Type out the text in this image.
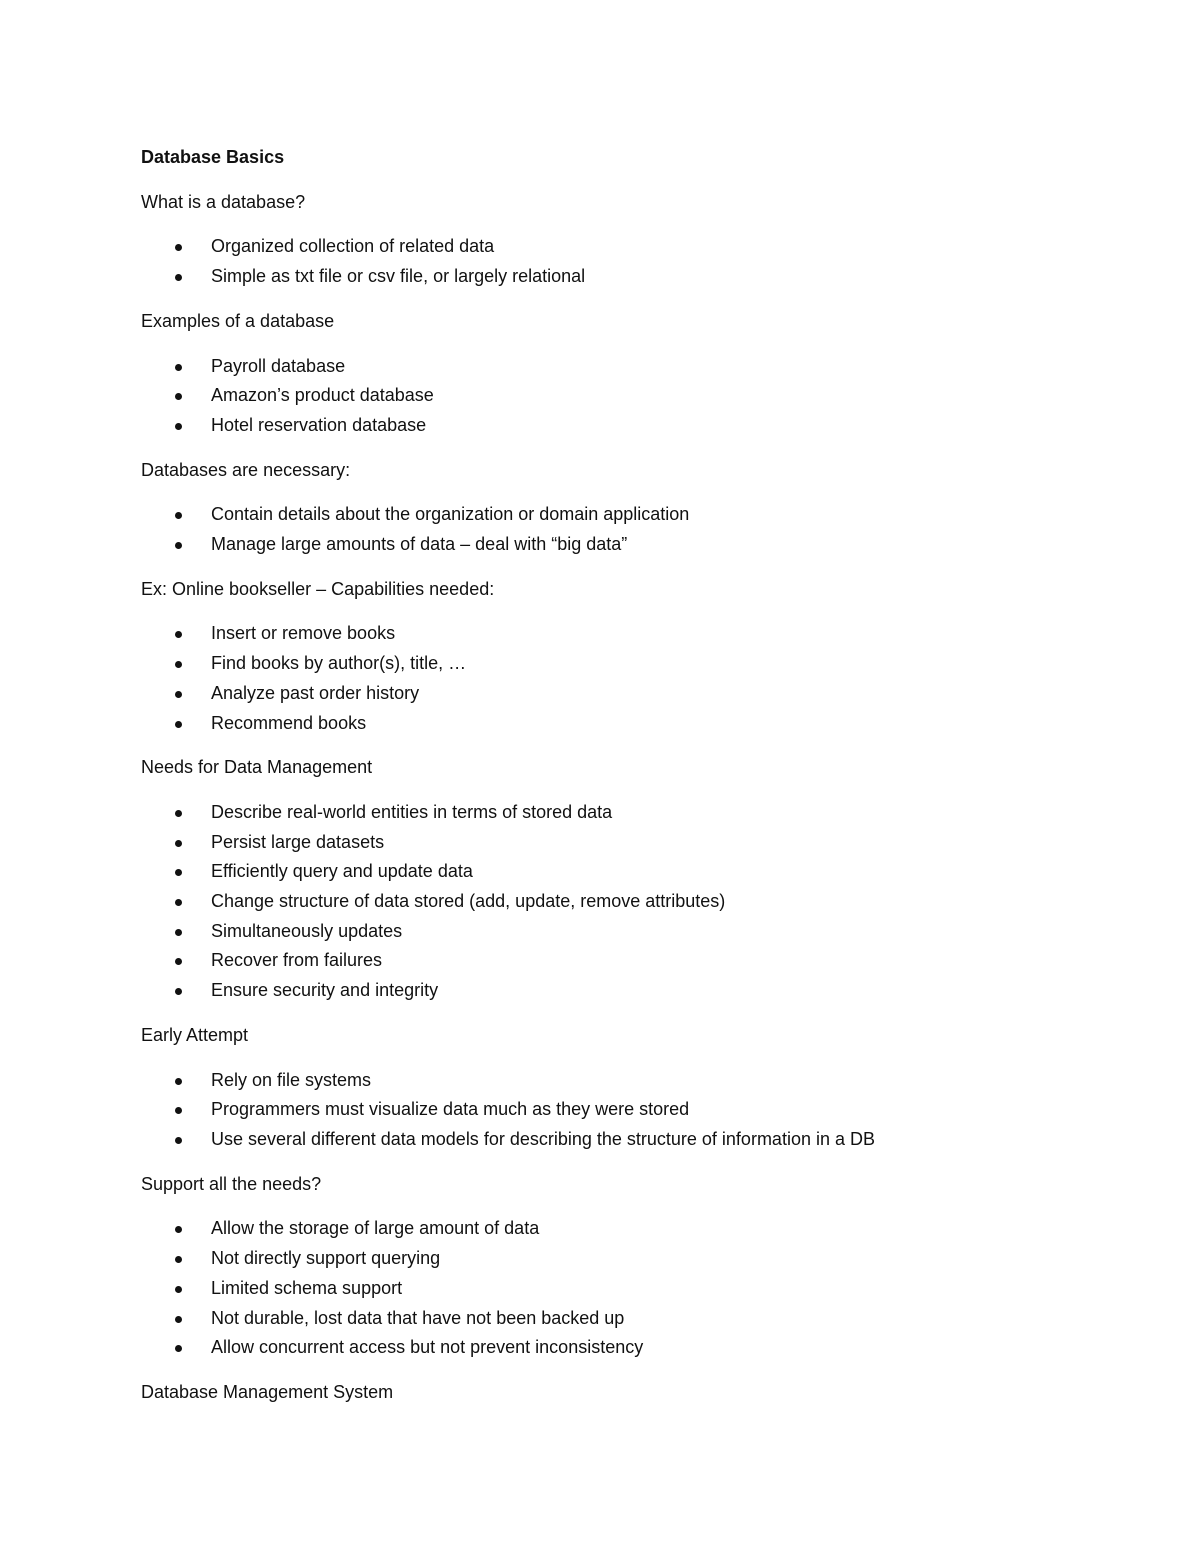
Database Basics
What is a database?
Organized collection of related data
Simple as txt file or csv file, or largely relational
Examples of a database
Payroll database
Amazon’s product database
Hotel reservation database
Databases are necessary:
Contain details about the organization or domain application
Manage large amounts of data – deal with “big data”
Ex: Online bookseller – Capabilities needed:
Insert or remove books
Find books by author(s), title, …
Analyze past order history
Recommend books
Needs for Data Management
Describe real-world entities in terms of stored data
Persist large datasets
Efficiently query and update data
Change structure of data stored (add, update, remove attributes)
Simultaneously updates
Recover from failures
Ensure security and integrity
Early Attempt
Rely on file systems
Programmers must visualize data much as they were stored
Use several different data models for describing the structure of information in a DB
Support all the needs?
Allow the storage of large amount of data
Not directly support querying
Limited schema support
Not durable, lost data that have not been backed up
Allow concurrent access but not prevent inconsistency
Database Management System
